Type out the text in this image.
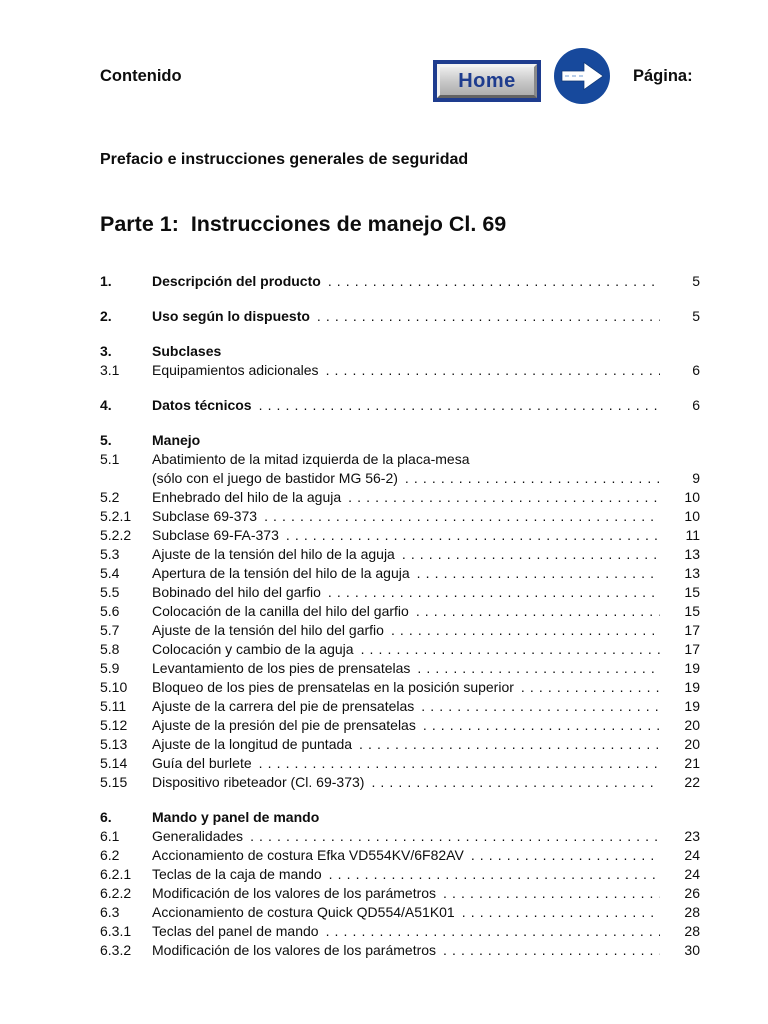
Contenido	Home	Página:
Prefacio e instrucciones generales de seguridad
Parte 1:  Instrucciones de manejo Cl. 69
1.	Descripción del producto . . .	5
2.	Uso según lo dispuesto . . .	5
3.	Subclases
3.1	Equipamientos adicionales . . .	6
4.	Datos técnicos . . .	6
5.	Manejo
5.1	Abatimiento de la mitad izquierda de la placa-mesa
(sólo con el juego de bastidor MG 56-2) . . .	9
5.2	Enhebrado del hilo de la aguja . . .	10
5.2.1	Subclase 69-373 . . .	10
5.2.2	Subclase 69-FA-373 . . .	11
5.3	Ajuste de la tensión del hilo de la aguja . . .	13
5.4	Apertura de la tensión del hilo de la aguja . . .	13
5.5	Bobinado del hilo del garfio . . .	15
5.6	Colocación de la canilla del hilo del garfio . . .	15
5.7	Ajuste de la tensión del hilo del garfio . . .	17
5.8	Colocación y cambio de la aguja . . .	17
5.9	Levantamiento de los pies de prensatelas . . .	19
5.10	Bloqueo de los pies de prensatelas en la posición superior . . .	19
5.11	Ajuste de la carrera del pie de prensatelas . . .	19
5.12	Ajuste de la presión del pie de prensatelas . . .	20
5.13	Ajuste de la longitud de puntada . . .	20
5.14	Guía del burlete . . .	21
5.15	Dispositivo ribeteador (Cl. 69-373) . . .	22
6.	Mando y panel de mando
6.1	Generalidades . . .	23
6.2	Accionamiento de costura Efka VD554KV/6F82AV . . .	24
6.2.1	Teclas de la caja de mando . . .	24
6.2.2	Modificación de los valores de los parámetros . . .	26
6.3	Accionamiento de costura Quick QD554/A51K01 . . .	28
6.3.1	Teclas del panel de mando . . .	28
6.3.2	Modificación de los valores de los parámetros . . .	30
